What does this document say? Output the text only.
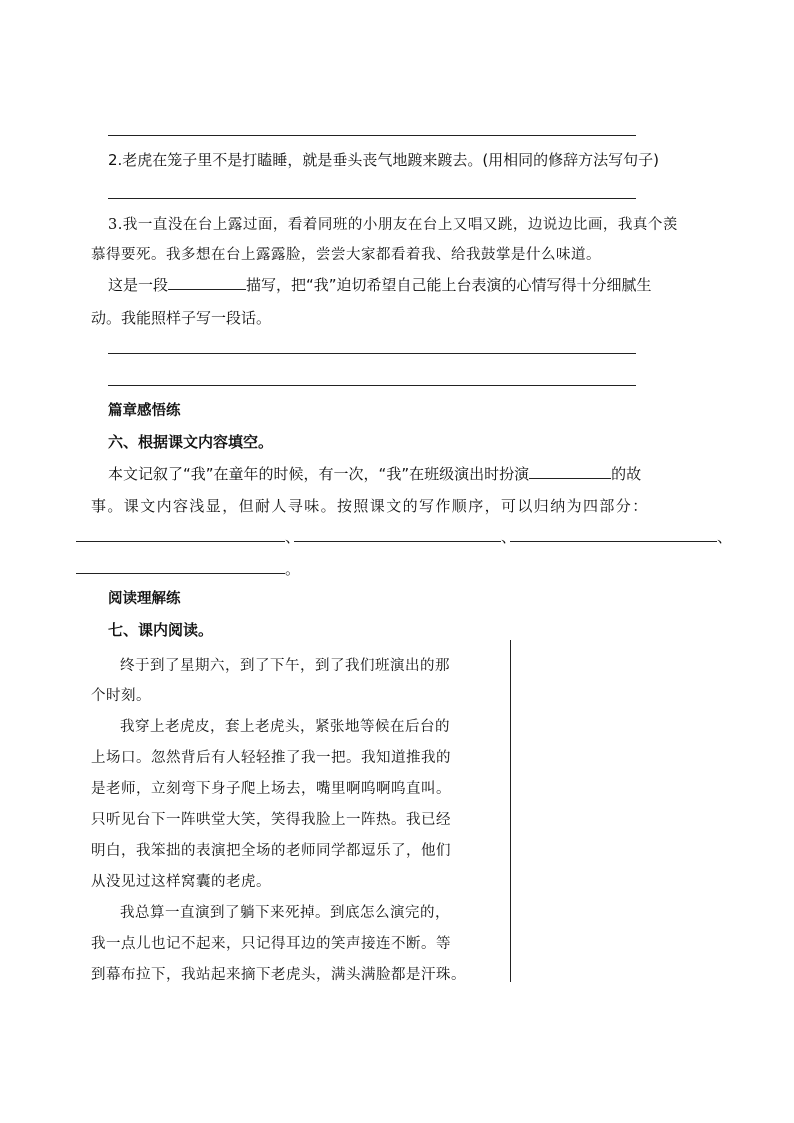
2.老虎在笼子里不是打瞌睡，就是垂头丧气地踱来踱去。(用相同的修辞方法写句子)
3.我一直没在台上露过面，看着同班的小朋友在台上又唱又跳，边说边比画，我真个羡
慕得要死。我多想在台上露露脸，尝尝大家都看着我、给我鼓掌是什么味道。
这是一段	描写，把“我”迫切希望自己能上台表演的心情写得十分细腻生
动。我能照样子写一段话。
篇章感悟练
六、根据课文内容填空。
本文记叙了“我”在童年的时候，有一次，“我”在班级演出时扮演	的故
事。课文内容浅显，但耐人寻味。按照课文的写作顺序，可以归纳为四部分：
、	、	、
。
阅读理解练
七、课内阅读。
终于到了星期六，到了下午，到了我们班演出的那
个时刻。
我穿上老虎皮，套上老虎头，紧张地等候在后台的
上场口。忽然背后有人轻轻推了我一把。我知道推我的
是老师，立刻弯下身子爬上场去，嘴里啊呜啊呜直叫。
只听见台下一阵哄堂大笑，笑得我脸上一阵热。我已经
明白，我笨拙的表演把全场的老师同学都逗乐了，他们
从没见过这样窝囊的老虎。
我总算一直演到了躺下来死掉。到底怎么演完的，
我一点儿也记不起来，只记得耳边的笑声接连不断。等
到幕布拉下，我站起来摘下老虎头，满头满脸都是汗珠。
